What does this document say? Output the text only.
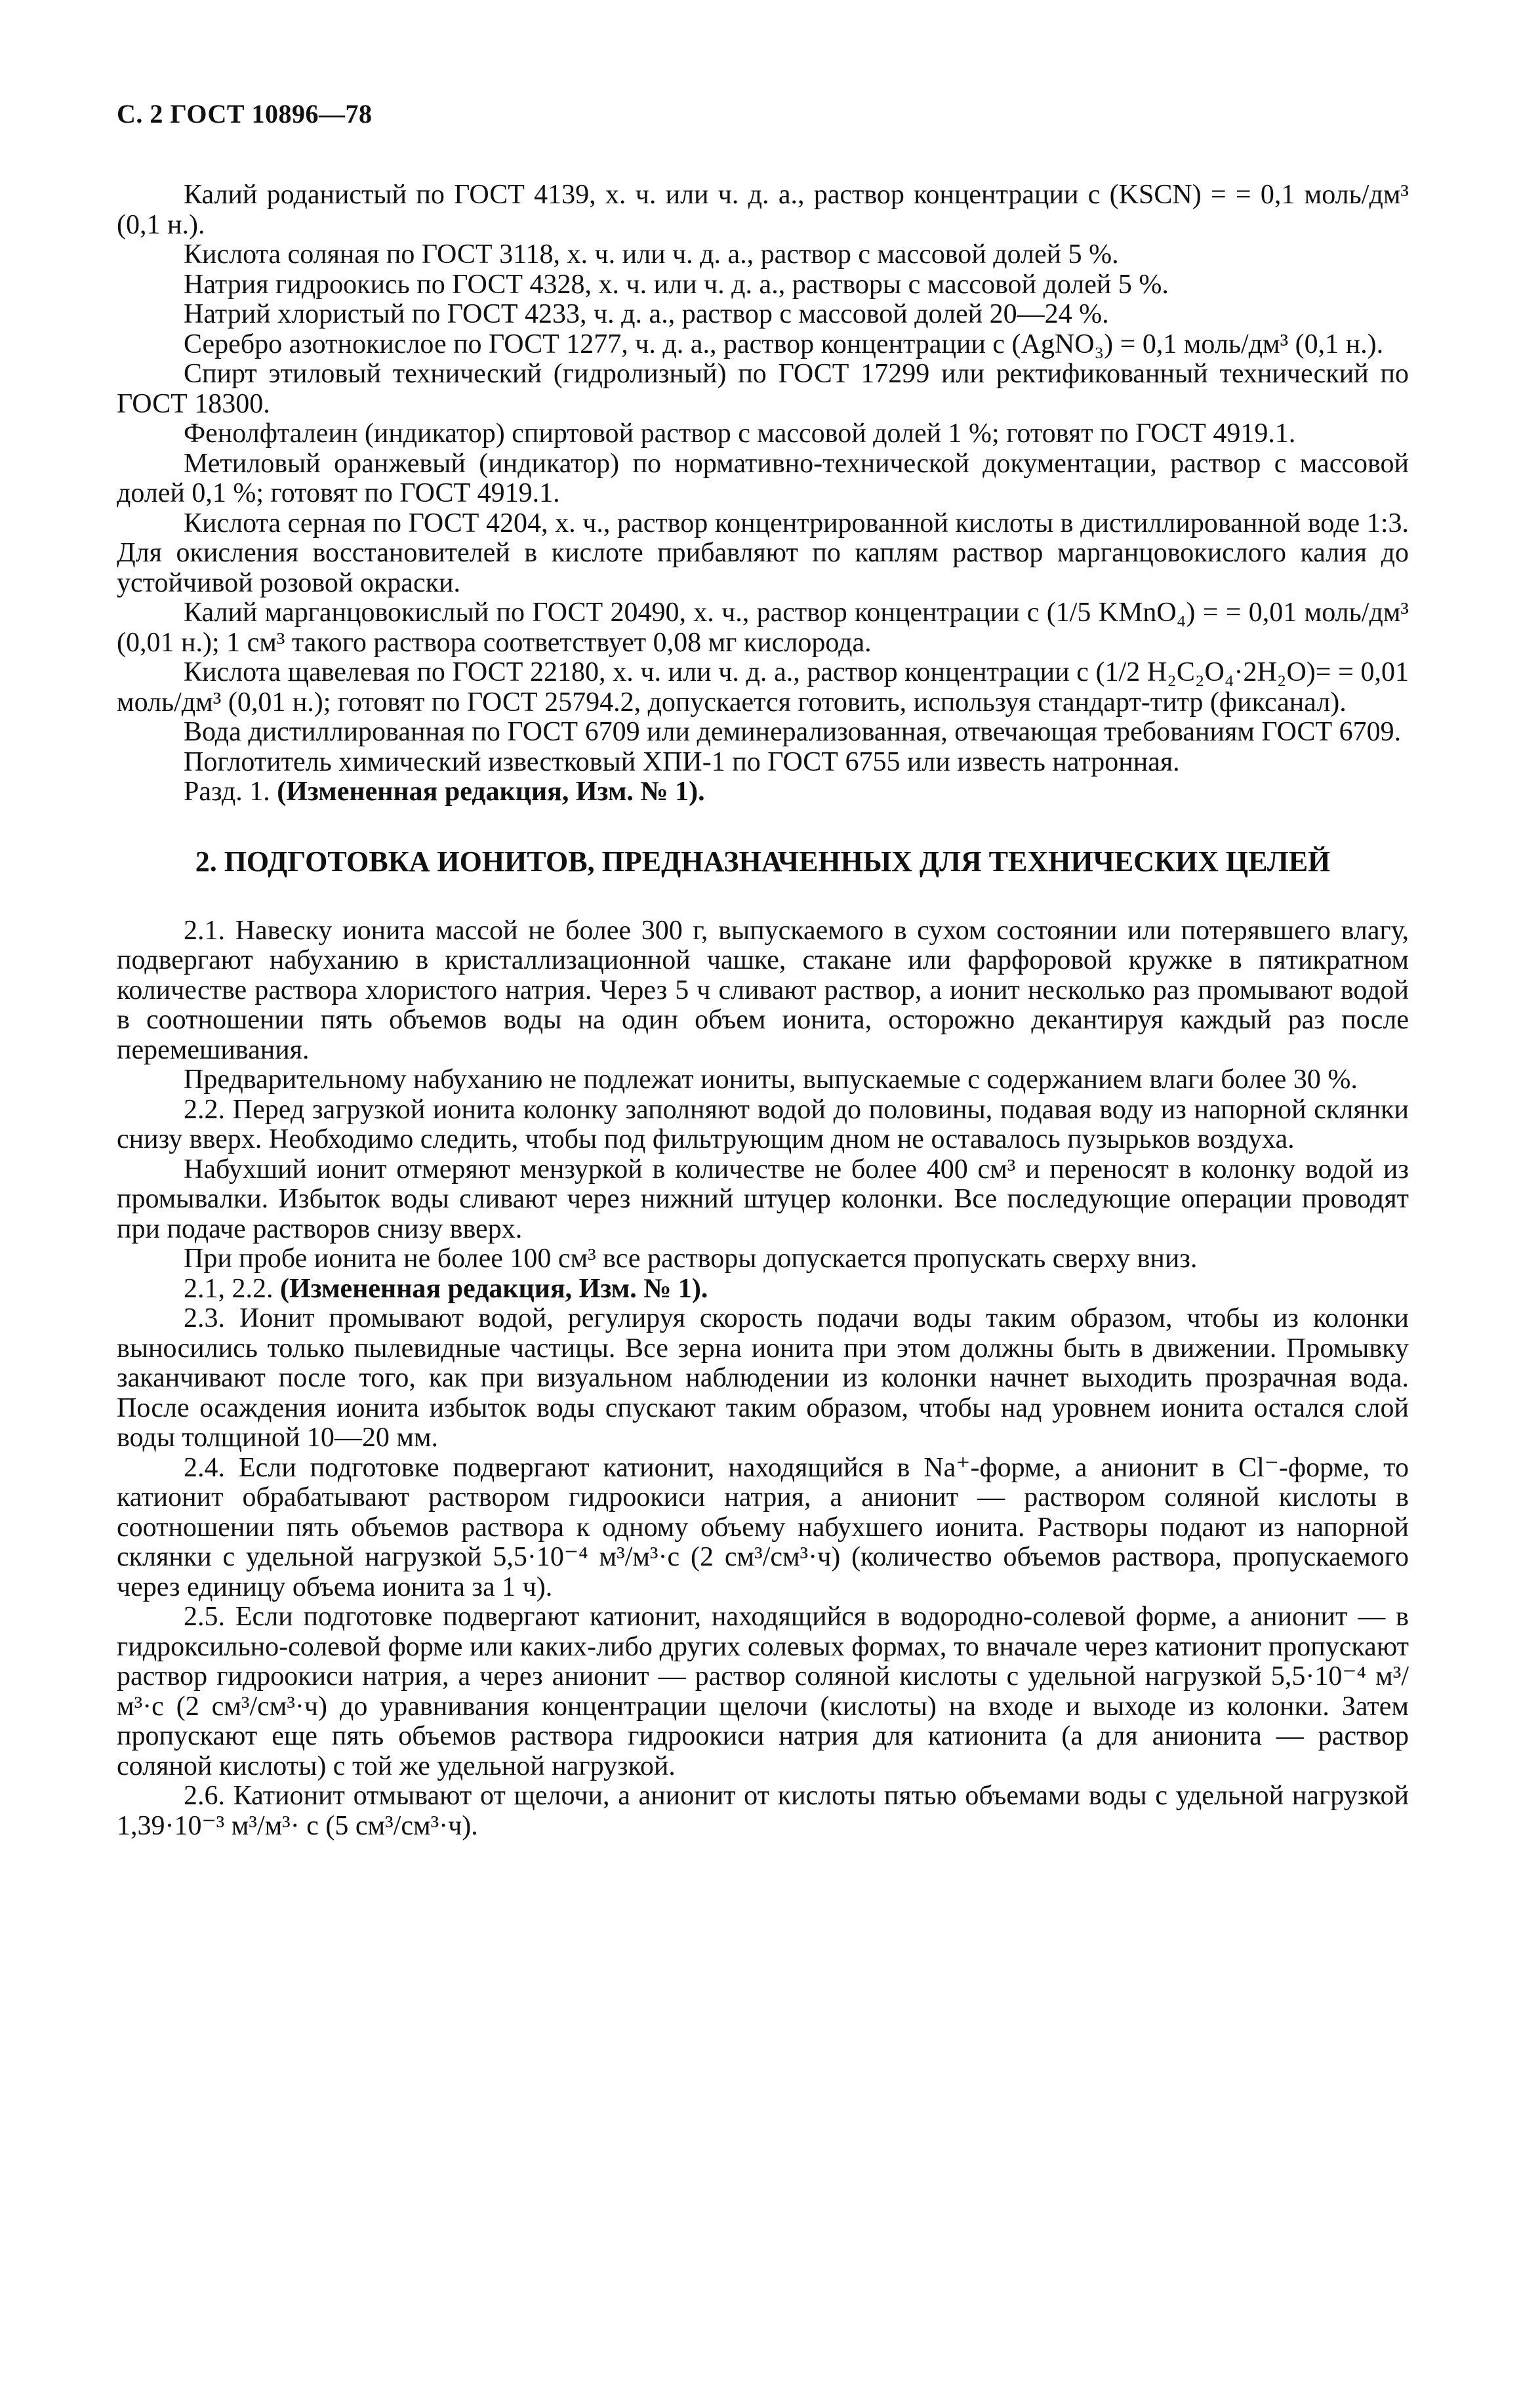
С. 2 ГОСТ 10896—78

Калий роданистый по ГОСТ 4139, х. ч. или ч. д. а., раствор концентрации c (KSCN) = = 0,1 моль/дм³ (0,1 н.).

Кислота соляная по ГОСТ 3118, х. ч. или ч. д. а., раствор с массовой долей 5 %.

Натрия гидроокись по ГОСТ 4328, х. ч. или ч. д. а., растворы с массовой долей 5 %.

Натрий хлористый по ГОСТ 4233, ч. д. а., раствор с массовой долей 20—24 %.

Серебро азотнокислое по ГОСТ 1277, ч. д. а., раствор концентрации c (AgNO₃) = 0,1 моль/дм³ (0,1 н.).

Спирт этиловый технический (гидролизный) по ГОСТ 17299 или ректификованный технический по ГОСТ 18300.

Фенолфталеин (индикатор) спиртовой раствор с массовой долей 1 %; готовят по ГОСТ 4919.1.

Метиловый оранжевый (индикатор) по нормативно-технической документации, раствор с массовой долей 0,1 %; готовят по ГОСТ 4919.1.

Кислота серная по ГОСТ 4204, х. ч., раствор концентрированной кислоты в дистиллированной воде 1:3. Для окисления восстановителей в кислоте прибавляют по каплям раствор марганцовокислого калия до устойчивой розовой окраски.

Калий марганцовокислый по ГОСТ 20490, х. ч., раствор концентрации c (1/5 KMnO₄) = = 0,01 моль/дм³ (0,01 н.); 1 см³ такого раствора соответствует 0,08 мг кислорода.

Кислота щавелевая по ГОСТ 22180, х. ч. или ч. д. а., раствор концентрации c (1/2 H₂C₂O₄·2H₂O)= = 0,01 моль/дм³ (0,01 н.); готовят по ГОСТ 25794.2, допускается готовить, используя стандарт-титр (фиксанал).

Вода дистиллированная по ГОСТ 6709 или деминерализованная, отвечающая требованиям ГОСТ 6709.

Поглотитель химический известковый ХПИ-1 по ГОСТ 6755 или известь натронная.

Разд. 1. (Измененная редакция, Изм. № 1).

2. ПОДГОТОВКА ИОНИТОВ, ПРЕДНАЗНАЧЕННЫХ ДЛЯ ТЕХНИЧЕСКИХ ЦЕЛЕЙ

2.1. Навеску ионита массой не более 300 г, выпускаемого в сухом состоянии или потерявшего влагу, подвергают набуханию в кристаллизационной чашке, стакане или фарфоровой кружке в пятикратном количестве раствора хлористого натрия. Через 5 ч сливают раствор, а ионит несколько раз промывают водой в соотношении пять объемов воды на один объем ионита, осторожно декантируя каждый раз после перемешивания.

Предварительному набуханию не подлежат иониты, выпускаемые с содержанием влаги более 30 %.

2.2. Перед загрузкой ионита колонку заполняют водой до половины, подавая воду из напорной склянки снизу вверх. Необходимо следить, чтобы под фильтрующим дном не оставалось пузырьков воздуха.

Набухший ионит отмеряют мензуркой в количестве не более 400 см³ и переносят в колонку водой из промывалки. Избыток воды сливают через нижний штуцер колонки. Все последующие операции проводят при подаче растворов снизу вверх.

При пробе ионита не более 100 см³ все растворы допускается пропускать сверху вниз.

2.1, 2.2. (Измененная редакция, Изм. № 1).

2.3. Ионит промывают водой, регулируя скорость подачи воды таким образом, чтобы из колонки выносились только пылевидные частицы. Все зерна ионита при этом должны быть в движении. Промывку заканчивают после того, как при визуальном наблюдении из колонки начнет выходить прозрачная вода. После осаждения ионита избыток воды спускают таким образом, чтобы над уровнем ионита остался слой воды толщиной 10—20 мм.

2.4. Если подготовке подвергают катионит, находящийся в Na⁺-форме, а анионит в Cl⁻-форме, то катионит обрабатывают раствором гидроокиси натрия, а анионит — раствором соляной кислоты в соотношении пять объемов раствора к одному объему набухшего ионита. Растворы подают из напорной склянки с удельной нагрузкой 5,5·10⁻⁴ м³/м³·с (2 см³/см³·ч) (количество объемов раствора, пропускаемого через единицу объема ионита за 1 ч).

2.5. Если подготовке подвергают катионит, находящийся в водородно-солевой форме, а анионит — в гидроксильно-солевой форме или каких-либо других солевых формах, то вначале через катионит пропускают раствор гидроокиси натрия, а через анионит — раствор соляной кислоты с удельной нагрузкой 5,5·10⁻⁴ м³/м³·с (2 см³/см³·ч) до уравнивания концентрации щелочи (кислоты) на входе и выходе из колонки. Затем пропускают еще пять объемов раствора гидроокиси натрия для катионита (а для анионита — раствор соляной кислоты) с той же удельной нагрузкой.

2.6. Катионит отмывают от щелочи, а анионит от кислоты пятью объемами воды с удельной нагрузкой 1,39·10⁻³ м³/м³· с (5 см³/см³·ч).
